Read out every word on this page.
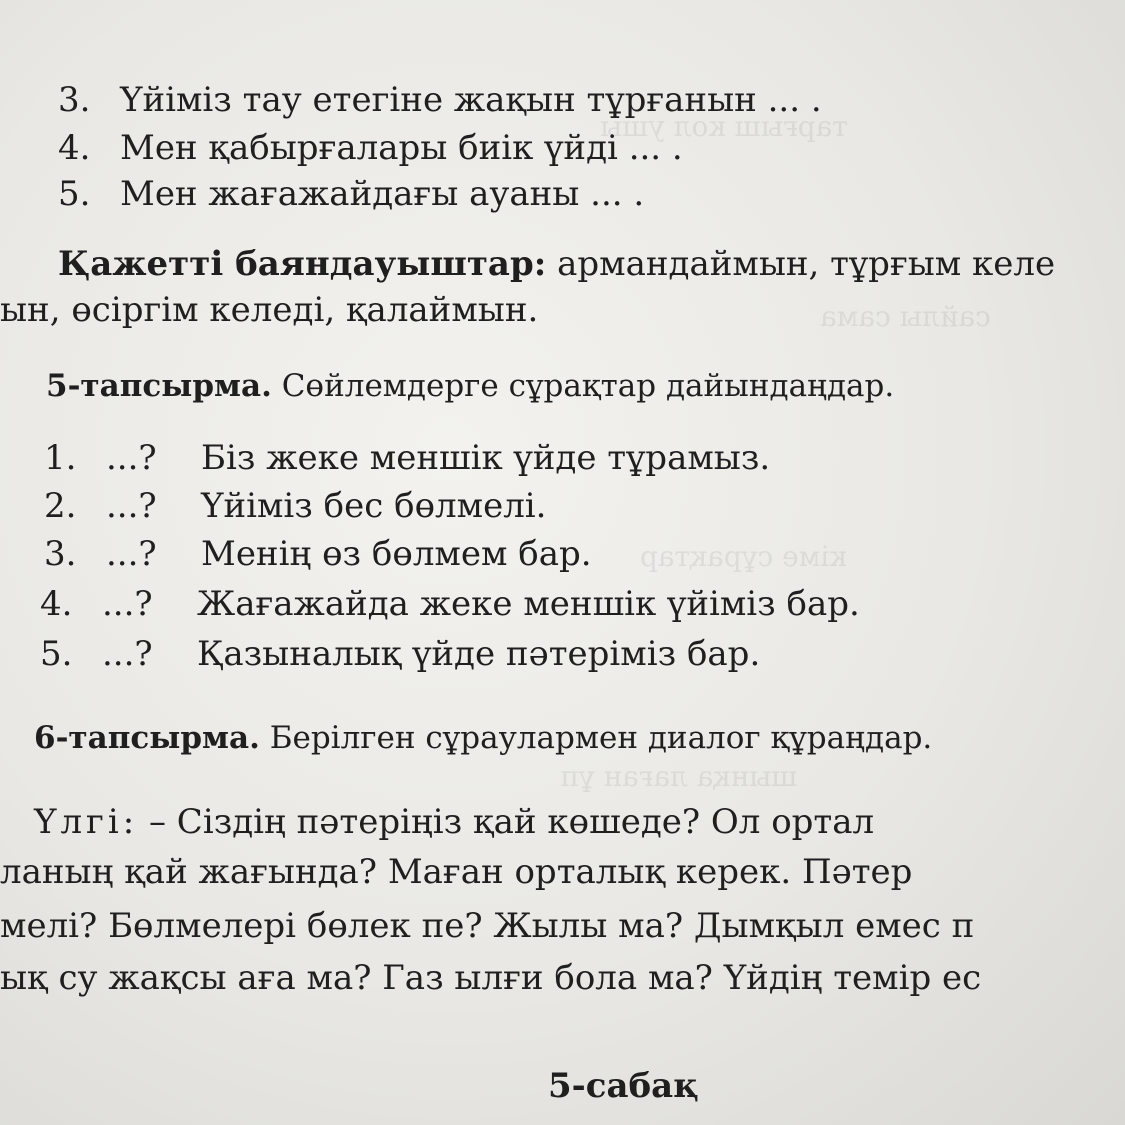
тарғыш кол ушы
сайлы сама
кіме сұрақтар
шынқа лаған ұп
3. Үйіміз тау етегіне жақын тұрғанын ... .
4. Мен қабырғалары биік үйді ... .
5. Мен жағажайдағы ауаны ... .
Қажетті баяндауыштар: армандаймын, тұрғым келе
ын, өсіргім келеді, қалаймын.
5-тапсырма. Сөйлемдерге сұрақтар дайындаңдар.
1. ...? Біз жеке меншік үйде тұрамыз.
2. ...? Үйіміз бес бөлмелі.
3. ...? Менің өз бөлмем бар.
4. ...? Жағажайда жеке меншік үйіміз бар.
5. ...? Қазыналық үйде пәтеріміз бар.
6-тапсырма. Берілген сұраулармен диалог құраңдар.
Үлгі: – Сіздің пәтеріңіз қай көшеде? Ол ортал
ланың қай жағында? Маған орталық керек. Пәтер
мелі? Бөлмелері бөлек пе? Жылы ма? Дымқыл емес п
ық су жақсы аға ма? Газ ылғи бола ма? Үйдің темір ес
5-сабақ
